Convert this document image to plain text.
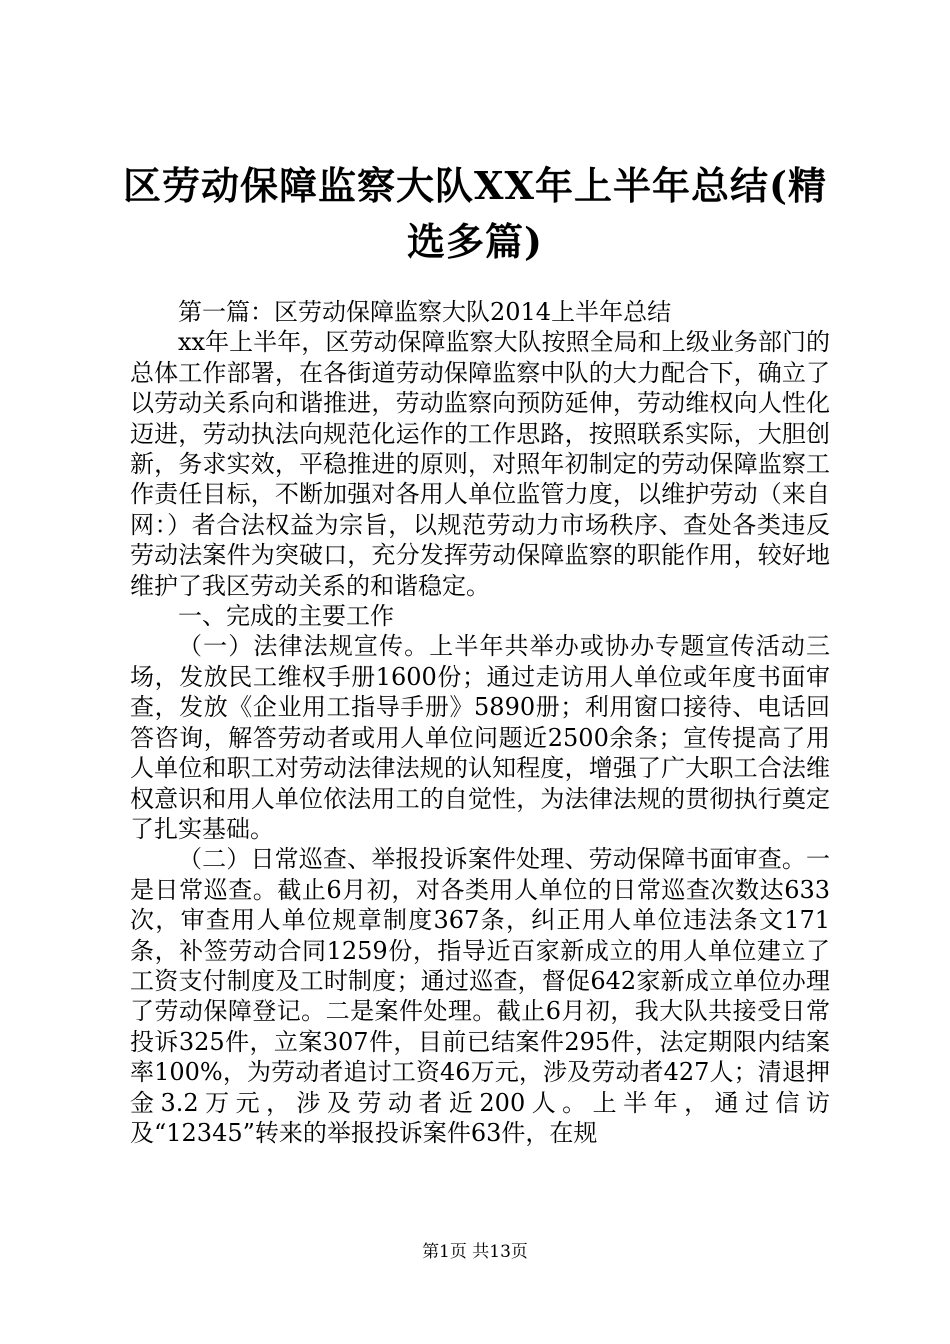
区劳动保障监察大队XX年上半年总结(精选多篇)

第一篇：区劳动保障监察大队2014上半年总结

xx年上半年，区劳动保障监察大队按照全局和上级业务部门的总体工作部署，在各街道劳动保障监察中队的大力配合下，确立了以劳动关系向和谐推进，劳动监察向预防延伸，劳动维权向人性化迈进，劳动执法向规范化运作的工作思路，按照联系实际，大胆创新，务求实效，平稳推进的原则，对照年初制定的劳动保障监察工作责任目标，不断加强对各用人单位监管力度，以维护劳动（来自网：）者合法权益为宗旨，以规范劳动力市场秩序、查处各类违反劳动法案件为突破口，充分发挥劳动保障监察的职能作用，较好地维护了我区劳动关系的和谐稳定。

一、完成的主要工作

（一）法律法规宣传。上半年共举办或协办专题宣传活动三场，发放民工维权手册1600份；通过走访用人单位或年度书面审查，发放《企业用工指导手册》5890册；利用窗口接待、电话回答咨询，解答劳动者或用人单位问题近2500余条；宣传提高了用人单位和职工对劳动法律法规的认知程度，增强了广大职工合法维权意识和用人单位依法用工的自觉性，为法律法规的贯彻执行奠定了扎实基础。

（二）日常巡查、举报投诉案件处理、劳动保障书面审查。一是日常巡查。截止6月初，对各类用人单位的日常巡查次数达633次，审查用人单位规章制度367条，纠正用人单位违法条文171条，补签劳动合同1259份，指导近百家新成立的用人单位建立了工资支付制度及工时制度；通过巡查，督促642家新成立单位办理了劳动保障登记。二是案件处理。截止6月初，我大队共接受日常投诉325件，立案307件，目前已结案件295件，法定期限内结案率100%，为劳动者追讨工资46万元，涉及劳动者427人；清退押金3.2万元，涉及劳动者近200人。上半年，通过信访及“12345”转来的举报投诉案件63件，在规

第1页 共13页
